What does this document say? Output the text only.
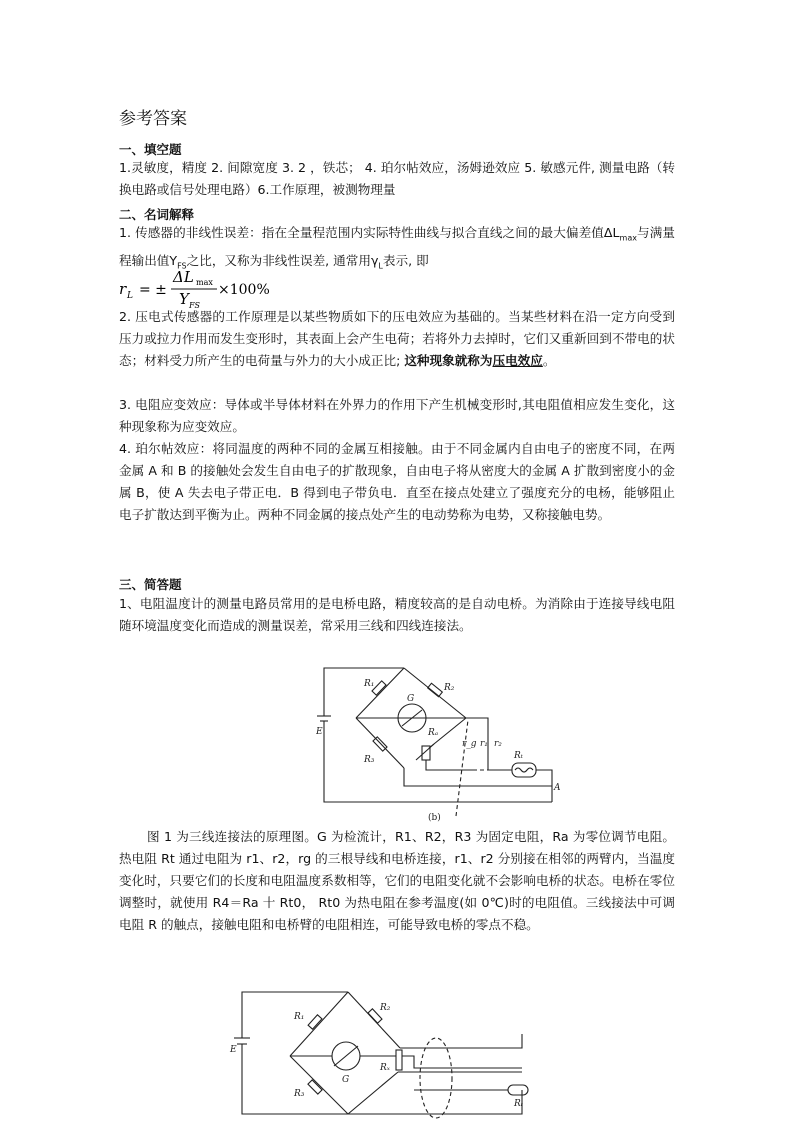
参考答案
一、填空题
1.灵敏度，精度 2. 间隙宽度 3. 2 ，铁芯； 4. 珀尔帖效应，汤姆逊效应 5. 敏感元件, 测量电路（转换电路或信号处理电路）6.工作原理，被测物理量
二、名词解释
1. 传感器的非线性误差：指在全量程范围内实际特性曲线与拟合直线之间的最大偏差值$\Delta L_{max}$与满量程输出值$Y_{FS}$之比，又称为非线性误差, 通常用$\gamma_L$表示, 即
r L = ±
ΔL max
Y FS
×100%
2. 压电式传感器的工作原理是以某些物质如下的压电效应为基础的。当某些材料在沿一定方向受到压力或拉力作用而发生变形时，其表面上会产生电荷；若将外力去掉时，它们又重新回到不带电的状态；材料受力所产生的电荷量与外力的大小成正比; 这种现象就称为压电效应。
3. 电阻应变效应：导体或半导体材料在外界力的作用下产生机械变形时,其电阻值相应发生变化，这种现象称为应变效应。
4. 珀尔帖效应：将同温度的两种不同的金属互相接触。由于不同金属内自由电子的密度不同，在两金属 A 和 B 的接触处会发生自由电子的扩散现象，自由电子将从密度大的金属 A 扩散到密度小的金属 B，使 A 失去电子带正电．B 得到电子带负电．直至在接点处建立了强度充分的电杨，能够阻止电子扩散达到平衡为止。两种不同金属的接点处产生的电动势称为电势，又称接触电势。
三、简答题
1、电阻温度计的测量电路员常用的是电桥电路，精度较高的是自动电桥。为消除由于连接导线电阻随环境温度变化而造成的测量误差，常采用三线和四线连接法。
R₁	R₂
G
Rₐ
R₃
E
r_g r₁ r₂
Rₜ
A
(b)
图 1 为三线连接法的原理图。G 为检流计，R1、R2，R3 为固定电阻，Ra 为零位调节电阻。热电阻 Rt 通过电阻为 r1、r2，rg 的三根导线和电桥连接，r1、r2 分别接在相邻的两臂内，当温度变化时，只要它们的长度和电阻温度系数相等，它们的电阻变化就不会影响电桥的状态。电桥在零位调整时，就使用 R4＝Ra 十 Rt0， Rt0 为热电阻在参考温度(如 0℃)时的电阻值。三线接法中可调电阻 R 的触点，接触电阻和电桥臂的电阻相连，可能导致电桥的零点不稳。
R₁
R₂
E
G
Rₓ
R₃
Rₜ
